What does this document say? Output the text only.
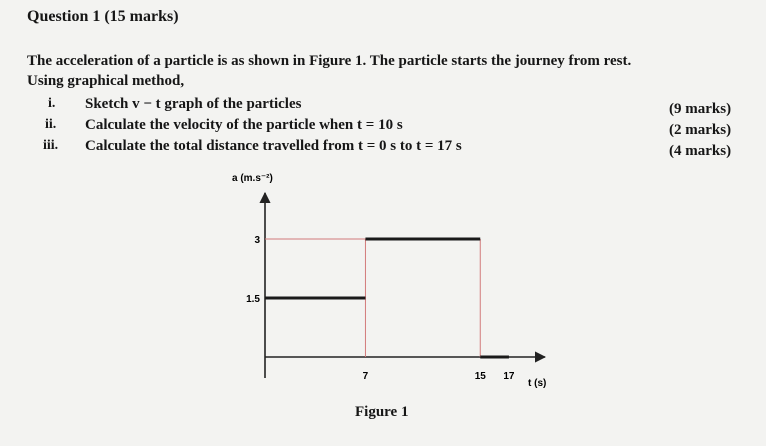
Question 1 (15 marks)
The acceleration of a particle is as shown in Figure 1. The particle starts the journey from rest.
Using graphical method,
i. Sketch v − t graph of the particles	(9 marks)
ii. Calculate the velocity of the particle when t = 10 s	(2 marks)
iii. Calculate the total distance travelled from t = 0 s to t = 17 s	(4 marks)
7	15 17
1.5
3
a (m.s⁻²)
t (s)
Figure 1
